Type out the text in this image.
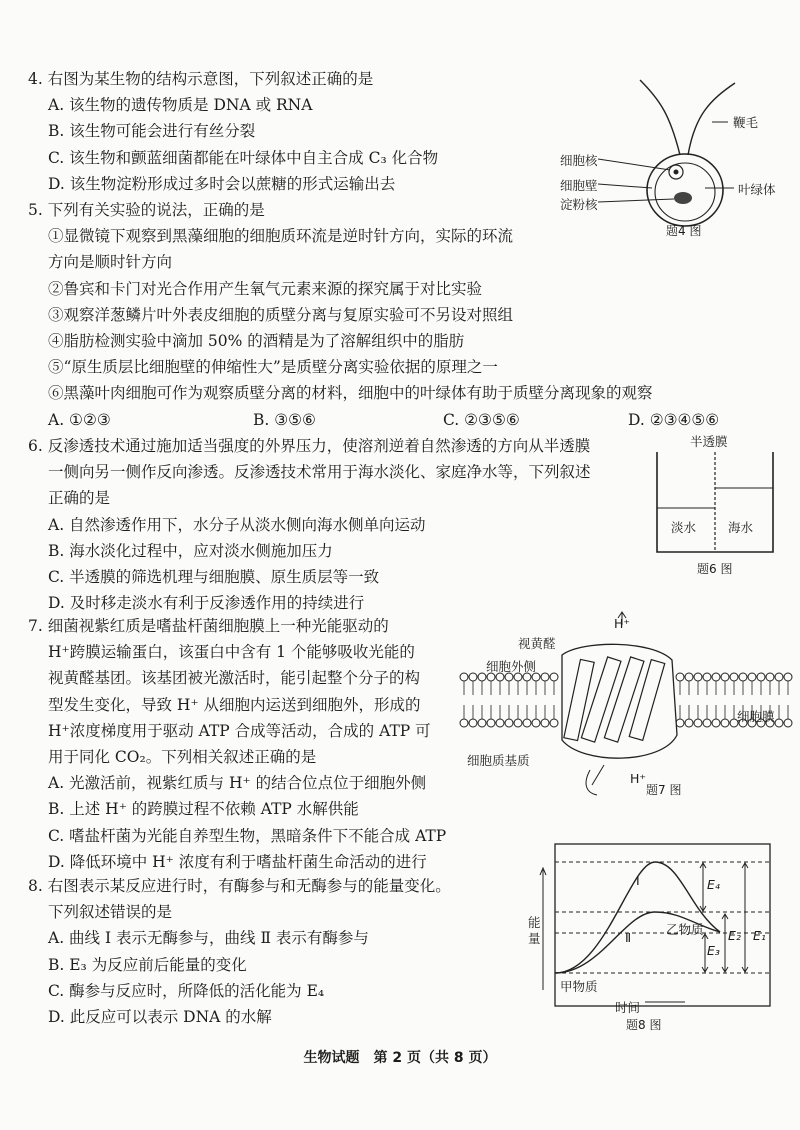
4. 右图为某生物的结构示意图，下列叙述正确的是
A. 该生物的遗传物质是 DNA 或 RNA
B. 该生物可能会进行有丝分裂
C. 该生物和颤蓝细菌都能在叶绿体中自主合成 C₃ 化合物
D. 该生物淀粉形成过多时会以蔗糖的形式运输出去
鞭毛
细胞核
细胞壁
淀粉核
叶绿体
题4 图
5. 下列有关实验的说法，正确的是
①显微镜下观察到黑藻细胞的细胞质环流是逆时针方向，实际的环流
方向是顺时针方向
②鲁宾和卡门对光合作用产生氧气元素来源的探究属于对比实验
③观察洋葱鳞片叶外表皮细胞的质壁分离与复原实验可不另设对照组
④脂肪检测实验中滴加 50% 的酒精是为了溶解组织中的脂肪
⑤“原生质层比细胞壁的伸缩性大”是质壁分离实验依据的原理之一
⑥黑藻叶肉细胞可作为观察质壁分离的材料，细胞中的叶绿体有助于质壁分离现象的观察
A. ①②③	B. ③⑤⑥	C. ②③⑤⑥	D. ②③④⑤⑥
6. 反渗透技术通过施加适当强度的外界压力，使溶剂逆着自然渗透的方向从半透膜
一侧向另一侧作反向渗透。反渗透技术常用于海水淡化、家庭净水等，下列叙述
正确的是
A. 自然渗透作用下，水分子从淡水侧向海水侧单向运动
B. 海水淡化过程中，应对淡水侧施加压力
C. 半透膜的筛选机理与细胞膜、原生质层等一致
D. 及时移走淡水有利于反渗透作用的持续进行
半透膜
淡水	海水
题6 图
7. 细菌视紫红质是嗜盐杆菌细胞膜上一种光能驱动的
H⁺跨膜运输蛋白，该蛋白中含有 1 个能够吸收光能的
视黄醛基团。该基团被光激活时，能引起整个分子的构
型发生变化，导致 H⁺ 从细胞内运送到细胞外，形成的
H⁺浓度梯度用于驱动 ATP 合成等活动，合成的 ATP 可
用于同化 CO₂。下列相关叙述正确的是
A. 光激活前，视紫红质与 H⁺ 的结合位点位于细胞外侧
B. 上述 H⁺ 的跨膜过程不依赖 ATP 水解供能
C. 嗜盐杆菌为光能自养型生物，黑暗条件下不能合成 ATP
D. 降低环境中 H⁺ 浓度有利于嗜盐杆菌生命活动的进行
H⁺
视黄醛
细胞外侧
细胞膜
细胞质基质
H⁺
题7 图
8. 右图表示某反应进行时，有酶参与和无酶参与的能量变化。
下列叙述错误的是
A. 曲线 Ⅰ 表示无酶参与，曲线 Ⅱ 表示有酶参与
B. E₃ 为反应前后能量的变化
C. 酶参与反应时，所降低的活化能为 E₄
D. 此反应可以表示 DNA 的水解
Ⅰ
Ⅱ
乙物质
甲物质
能量
时间
E₄
E₃
E₂ E₁
题8 图
生物试题　第 2 页（共 8 页）
